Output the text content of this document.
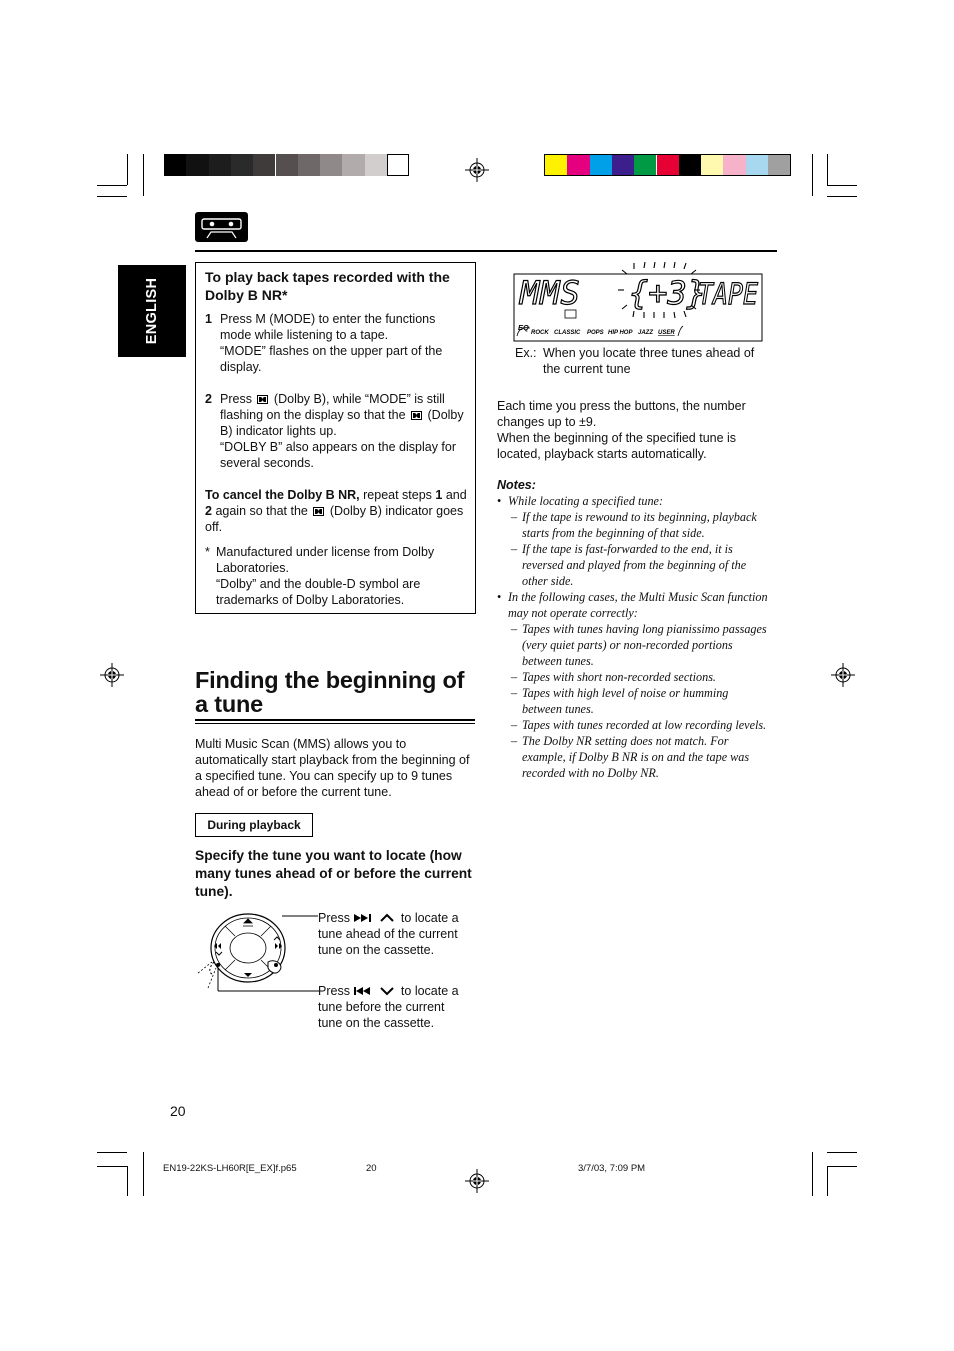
ENGLISH
To play back tapes recorded with the Dolby B NR*
1 Press M (MODE) to enter the functions mode while listening to a tape.
“MODE” flashes on the upper part of the display.
2 Press (Dolby B), while “MODE” is still flashing on the display so that the (Dolby B) indicator lights up.
“DOLBY B” also appears on the display for several seconds.
To cancel the Dolby B NR, repeat steps 1 and 2 again so that the (Dolby B) indicator goes off.
* Manufactured under license from Dolby Laboratories.
“Dolby” and the double-D symbol are trademarks of Dolby Laboratories.
MMS {+3}
TAPE
EQ
ROCK CLASSIC POPS HIP HOP JAZZ USER
Ex.: When you locate three tunes ahead of the current tune
Each time you press the buttons, the number changes up to ±9.
When the beginning of the specified tune is located, playback starts automatically.
Notes:
• While locating a specified tune:
– If the tape is rewound to its beginning, playback starts from the beginning of that side.
– If the tape is fast-forwarded to the end, it is reversed and played from the beginning of the other side.
• In the following cases, the Multi Music Scan function may not operate correctly:
– Tapes with tunes having long pianissimo passages (very quiet parts) or non-recorded portions between tunes.
– Tapes with short non-recorded sections.
– Tapes with high level of noise or humming between tunes.
– Tapes with tunes recorded at low recording levels.
– The Dolby NR setting does not match. For example, if Dolby B NR is on and the tape was recorded with no Dolby NR.
Finding the beginning of a tune
Multi Music Scan (MMS) allows you to automatically start playback from the beginning of a specified tune. You can specify up to 9 tunes ahead of or before the current tune.
During playback
Specify the tune you want to locate (how many tunes ahead of or before the current tune).
Press	to locate a tune ahead of the current tune on the cassette.
Press	to locate a tune before the current tune on the cassette.
20
EN19-22KS-LH60R[E_EX]f.p65	20	3/7/03, 7:09 PM
